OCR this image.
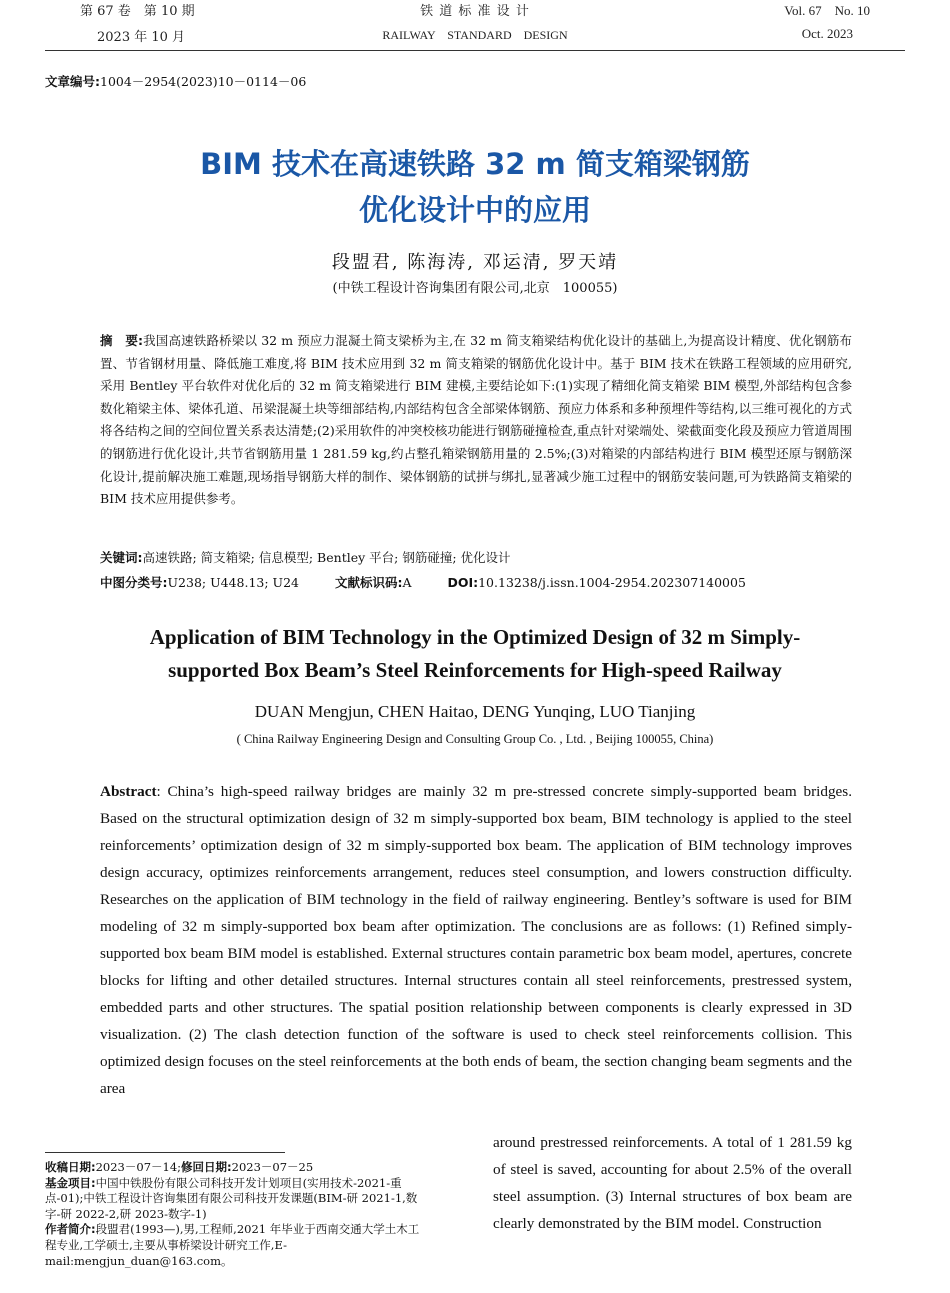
第 67 卷　第 10 期
2023 年 10 月
铁 道 标 准 设 计
RAILWAY　STANDARD　DESIGN
Vol. 67　No. 10
Oct. 2023
文章编号:1004－2954(2023)10－0114－06
BIM 技术在高速铁路 32 m 简支箱梁钢筋
优化设计中的应用
段盟君, 陈海涛, 邓运清, 罗天靖
(中铁工程设计咨询集团有限公司,北京　100055)
摘　要:我国高速铁路桥梁以 32 m 预应力混凝土简支梁桥为主,在 32 m 简支箱梁结构优化设计的基础上,为提高设计精度、优化钢筋布置、节省钢材用量、降低施工难度,将 BIM 技术应用到 32 m 简支箱梁的钢筋优化设计中。基于 BIM 技术在铁路工程领域的应用研究,采用 Bentley 平台软件对优化后的 32 m 简支箱梁进行 BIM 建模,主要结论如下:(1)实现了精细化简支箱梁 BIM 模型,外部结构包含参数化箱梁主体、梁体孔道、吊梁混凝土块等细部结构,内部结构包含全部梁体钢筋、预应力体系和多种预埋件等结构,以三维可视化的方式将各结构之间的空间位置关系表达清楚;(2)采用软件的冲突校核功能进行钢筋碰撞检查,重点针对梁端处、梁截面变化段及预应力管道周围的钢筋进行优化设计,共节省钢筋用量 1 281.59 kg,约占整孔箱梁钢筋用量的 2.5%;(3)对箱梁的内部结构进行 BIM 模型还原与钢筋深化设计,提前解决施工难题,现场指导钢筋大样的制作、梁体钢筋的试拼与绑扎,显著减少施工过程中的钢筋安装问题,可为铁路简支箱梁的 BIM 技术应用提供参考。
关键词:高速铁路; 简支箱梁; 信息模型; Bentley 平台; 钢筋碰撞; 优化设计
中图分类号:U238; U448.13; U24	文献标识码:A	DOI:10.13238/j.issn.1004-2954.202307140005
Application of BIM Technology in the Optimized Design of 32 m Simply-
supported Box Beam’s Steel Reinforcements for High-speed Railway
DUAN Mengjun, CHEN Haitao, DENG Yunqing, LUO Tianjing
( China Railway Engineering Design and Consulting Group Co. , Ltd. , Beijing 100055, China)
Abstract: China’s high-speed railway bridges are mainly 32 m pre-stressed concrete simply-supported beam bridges. Based on the structural optimization design of 32 m simply-supported box beam, BIM technology is applied to the steel reinforcements’ optimization design of 32 m simply-supported box beam. The application of BIM technology improves design accuracy, optimizes reinforcements arrangement, reduces steel consumption, and lowers construction difficulty. Researches on the application of BIM technology in the field of railway engineering. Bentley’s software is used for BIM modeling of 32 m simply-supported box beam after optimization. The conclusions are as follows: (1) Refined simply-supported box beam BIM model is established. External structures contain parametric box beam model, apertures, concrete blocks for lifting and other detailed structures. Internal structures contain all steel reinforcements, prestressed system, embedded parts and other structures. The spatial position relationship between components is clearly expressed in 3D visualization. (2) The clash detection function of the software is used to check steel reinforcements collision. This optimized design focuses on the steel reinforcements at the both ends of beam, the section changing beam segments and the area
around prestressed reinforcements. A total of 1 281.59 kg of steel is saved, accounting for about 2.5% of the overall steel assumption. (3) Internal structures of box beam are clearly demonstrated by the BIM model. Construction

收稿日期:2023－07－14;修回日期:2023－07－25

基金项目:中国中铁股份有限公司科技开发计划项目(实用技术-2021-重点-01);中铁工程设计咨询集团有限公司科技开发课题(BIM-研 2021-1,数字-研 2022-2,研 2023-数字-1)

作者简介:段盟君(1993—),男,工程师,2021 年毕业于西南交通大学土木工程专业,工学硕士,主要从事桥梁设计研究工作,E-mail:mengjun_duan@163.com。
